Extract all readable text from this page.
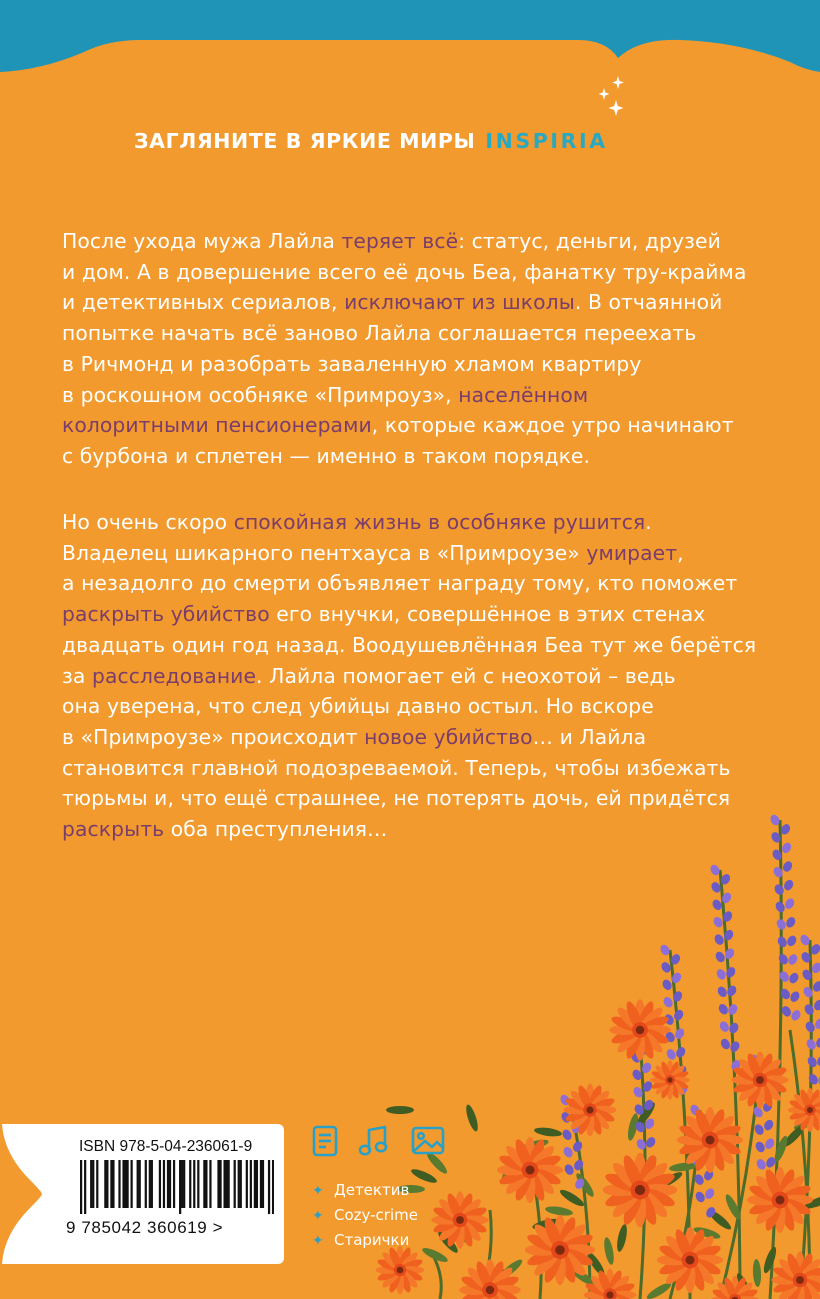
ЗАГЛЯНИТЕ В ЯРКИЕ МИРЫ INSPIRIA

После ухода мужа Лайла теряет всё: статус, деньги, друзей
и дом. А в довершение всего её дочь Беа, фанатку тру-крайма
и детективных сериалов, исключают из школы. В отчаянной
попытке начать всё заново Лайла соглашается переехать
в Ричмонд и разобрать заваленную хламом квартиру
в роскошном особняке «Примроуз», населённом
колоритными пенсионерами, которые каждое утро начинают
с бурбона и сплетен — именно в таком порядке.

Но очень скоро спокойная жизнь в особняке рушится.
Владелец шикарного пентхауса в «Примроузе» умирает,
а незадолго до смерти объявляет награду тому, кто поможет
раскрыть убийство его внучки, совершённое в этих стенах
двадцать один год назад. Воодушевлённая Беа тут же берётся
за расследование. Лайла помогает ей с неохотой – ведь
она уверена, что след убийцы давно остыл. Но вскоре
в «Примроузе» происходит новое убийство… и Лайла
становится главной подозреваемой. Теперь, чтобы избежать
тюрьмы и, что ещё страшнее, не потерять дочь, ей придётся
раскрыть оба преступления…

ISBN 978-5-04-236061-9
9 785042 360619 >
✦ Детектив
✦ Cozy-crime
✦ Старички
